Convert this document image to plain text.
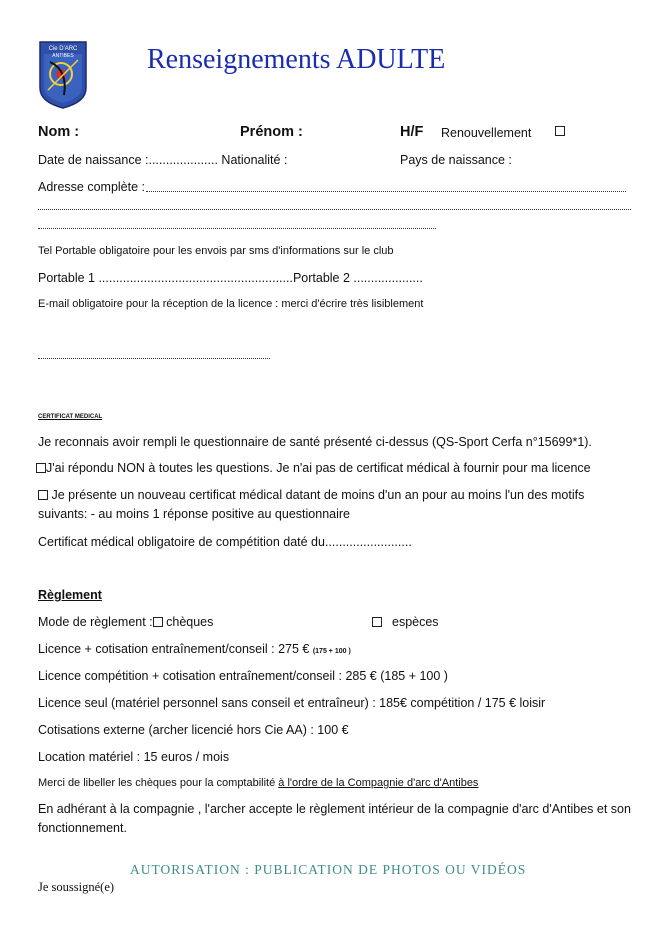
Cie D'ARC
ANTIBES	Renseignements ADULTE
Nom :	Prénom :	H/F Renouvellement
Date de naissance :.................... Nationalité :	Pays de naissance :
Adresse complète :
Tel Portable obligatoire pour les envois par sms d'informations sur le club
Portable 1 ........................................................Portable 2 ....................
E-mail obligatoire pour la réception de la licence : merci d'écrire très lisiblement
CERTIFICAT MEDICAL
Je reconnais avoir rempli le questionnaire de santé présenté ci-dessus (QS-Sport Cerfa n°15699*1).
J'ai répondu NON à toutes les questions. Je n'ai pas de certificat médical à fournir pour ma licence
Je présente un nouveau certificat médical datant de moins d'un an pour au moins l'un des motifs
suivants: - au moins 1 réponse positive au questionnaire
Certificat médical obligatoire de compétition daté du.........................
Règlement
Mode de règlement : chèques	espèces
Licence + cotisation entraînement/conseil : 275 € (175 + 100 )
Licence compétition + cotisation entraînement/conseil : 285 € (185 + 100 )
Licence seul (matériel personnel sans conseil et entraîneur) : 185€ compétition / 175 € loisir
Cotisations externe (archer licencié hors Cie AA) : 100 €
Location matériel : 15 euros / mois
Merci de libeller les chèques pour la comptabilité à l'ordre de la Compagnie d'arc d'Antibes
En adhérant à la compagnie , l'archer accepte le règlement intérieur de la compagnie d'arc d'Antibes et son
fonctionnement.
AUTORISATION : PUBLICATION DE PHOTOS OU VIDÉOS
Je soussigné(e)
